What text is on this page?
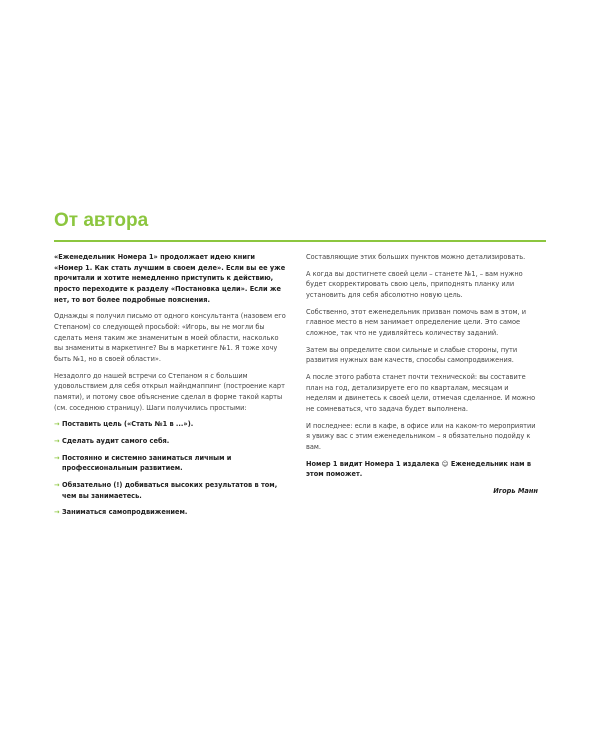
От автора

«Еженедельник Номера 1» продолжает идею книги «Номер 1. Как стать лучшим в своем деле». Если вы ее уже прочитали и хотите немедленно приступить к действию, просто переходите к разделу «Постановка цели». Если же нет, то вот более подробные пояснения.

Однажды я получил письмо от одного консультанта (назовем его Степаном) со следующей просьбой: «Игорь, вы не могли бы сделать меня таким же знаменитым в моей области, насколько вы знамениты в маркетинге? Вы в маркетинге №1. Я тоже хочу быть №1, но в своей области».

Незадолго до нашей встречи со Степаном я с большим удовольствием для себя открыл майндмаппинг (построение карт памяти), и потому свое объяснение сделал в форме такой карты (см. соседнюю страницу). Шаги получились простыми:

→ Поставить цель («Стать №1 в ...»).
→ Сделать аудит самого себя.
→ Постоянно и системно заниматься личным и профессиональным развитием.
→ Обязательно (!) добиваться высоких результатов в том, чем вы занимаетесь.
→ Заниматься самопродвижением.

Составляющие этих больших пунктов можно детализировать.

А когда вы достигнете своей цели – станете №1, – вам нужно будет скорректировать свою цель, приподнять планку или установить для себя абсолютно новую цель.

Собственно, этот еженедельник призван помочь вам в этом, и главное место в нем занимает определение цели. Это самое сложное, так что не удивляйтесь количеству заданий.

Затем вы определите свои сильные и слабые стороны, пути развития нужных вам качеств, способы самопродвижения.

А после этого работа станет почти технической: вы составите план на год, детализируете его по кварталам, месяцам и неделям и двинетесь к своей цели, отмечая сделанное. И можно не сомневаться, что задача будет выполнена.

И последнее: если в кафе, в офисе или на каком-то мероприятии я увижу вас с этим еженедельником – я обязательно подойду к вам.

Номер 1 видит Номера 1 издалека ☺ Еженедельник нам в этом поможет.

Игорь Манн
